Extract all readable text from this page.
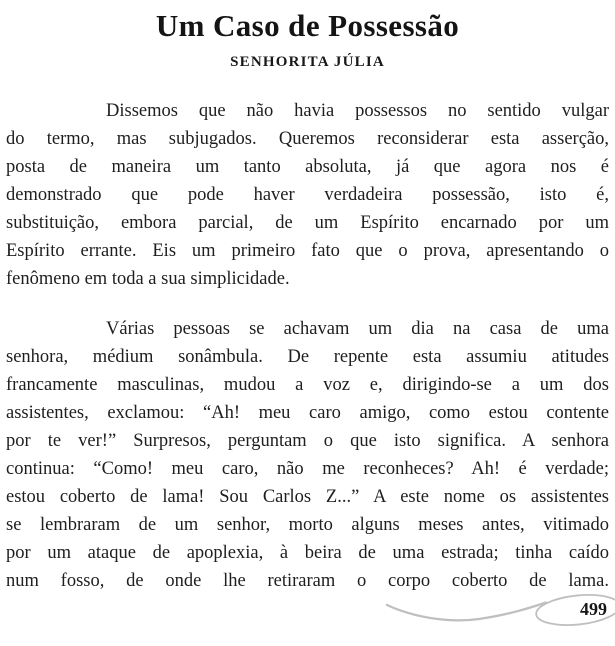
Um Caso de Possessão
SENHORITA JÚLIA
Dissemos que não havia possessos no sentido vulgar
do termo, mas subjugados. Queremos reconsiderar esta asserção,
posta de maneira um tanto absoluta, já que agora nos é
demonstrado que pode haver verdadeira possessão, isto é,
substituição, embora parcial, de um Espírito encarnado por um
Espírito errante. Eis um primeiro fato que o prova, apresentando o
fenômeno em toda a sua simplicidade.
Várias pessoas se achavam um dia na casa de uma
senhora, médium sonâmbula. De repente esta assumiu atitudes
francamente masculinas, mudou a voz e, dirigindo-se a um dos
assistentes, exclamou: “Ah! meu caro amigo, como estou contente
por te ver!” Surpresos, perguntam o que isto significa. A senhora
continua: “Como! meu caro, não me reconheces? Ah! é verdade;
estou coberto de lama! Sou Carlos Z...” A este nome os assistentes
se lembraram de um senhor, morto alguns meses antes, vitimado
por um ataque de apoplexia, à beira de uma estrada; tinha caído
num fosso, de onde lhe retiraram o corpo coberto de lama.
499
